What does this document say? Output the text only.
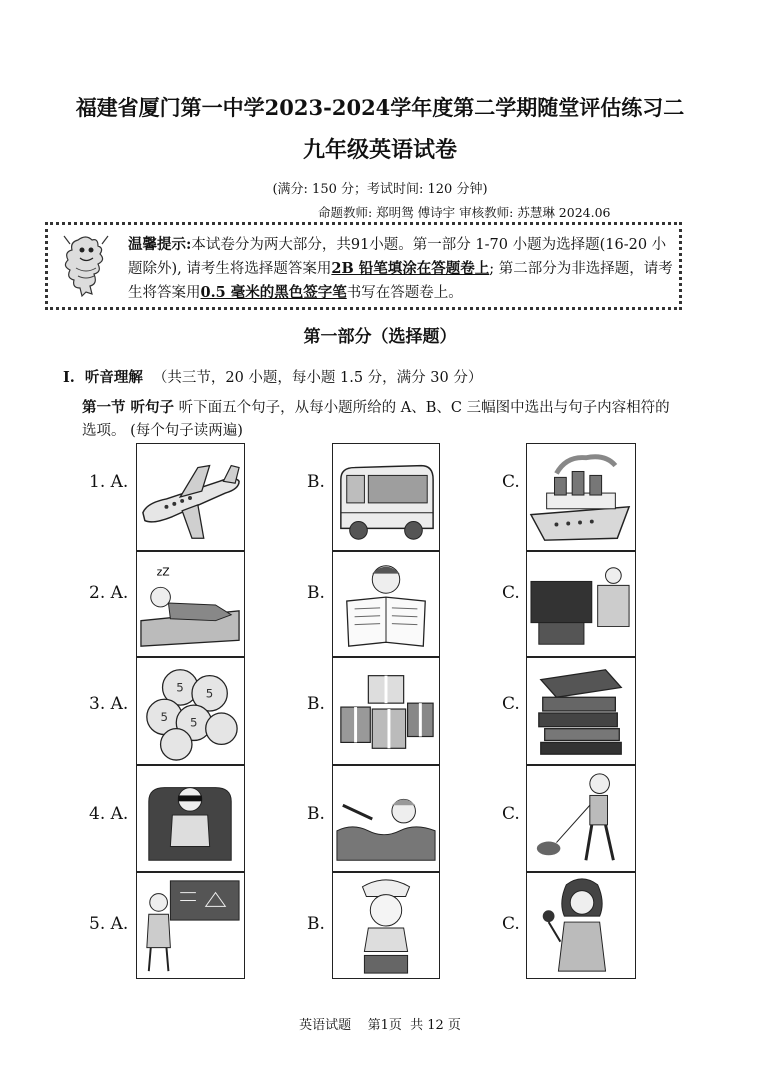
福建省厦门第一中学2023-2024学年度第二学期随堂评估练习二
九年级英语试卷
(满分: 150 分；考试时间: 120 分钟)
命题教师: 郑明鸳 傅诗宇 审核教师: 苏慧琳 2024.06
温馨提示:本试卷分为两大部分，共91小题。第一部分 1-70 小题为选择题(16-20 小题除外), 请考生将选择题答案用2B 铅笔填涂在答题卷上; 第二部分为非选择题，请考生将答案用0.5 毫米的黑色签字笔书写在答题卷上。
第一部分（选择题）
I. 听音理解 （共三节，20 小题，每小题 1.5 分，满分 30 分）
第一节 听句子 听下面五个句子，从每小题所给的 A、B、C 三幅图中选出与句子内容相符的选项。 (每个句子读两遍)
1. A.	B.	C.
2. A.	B.	C.
zZ
3. A.	B.	C.
5 5
5 5
4. A.	B.	C.
5. A.	B.	C.
英语试题    第1页  共 12 页
